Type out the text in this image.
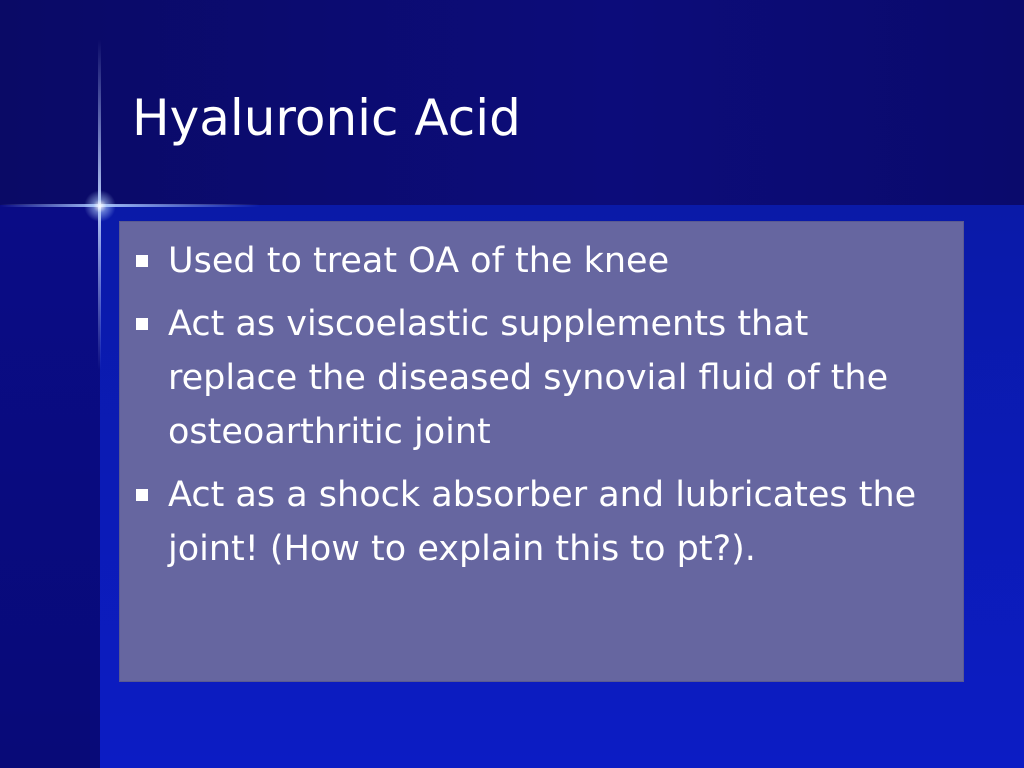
Hyaluronic Acid
Used to treat OA of the knee
Act as viscoelastic supplements that replace the diseased synovial fluid of the osteoarthritic joint
Act as a shock absorber and lubricates the joint! (How to explain this to pt?).
